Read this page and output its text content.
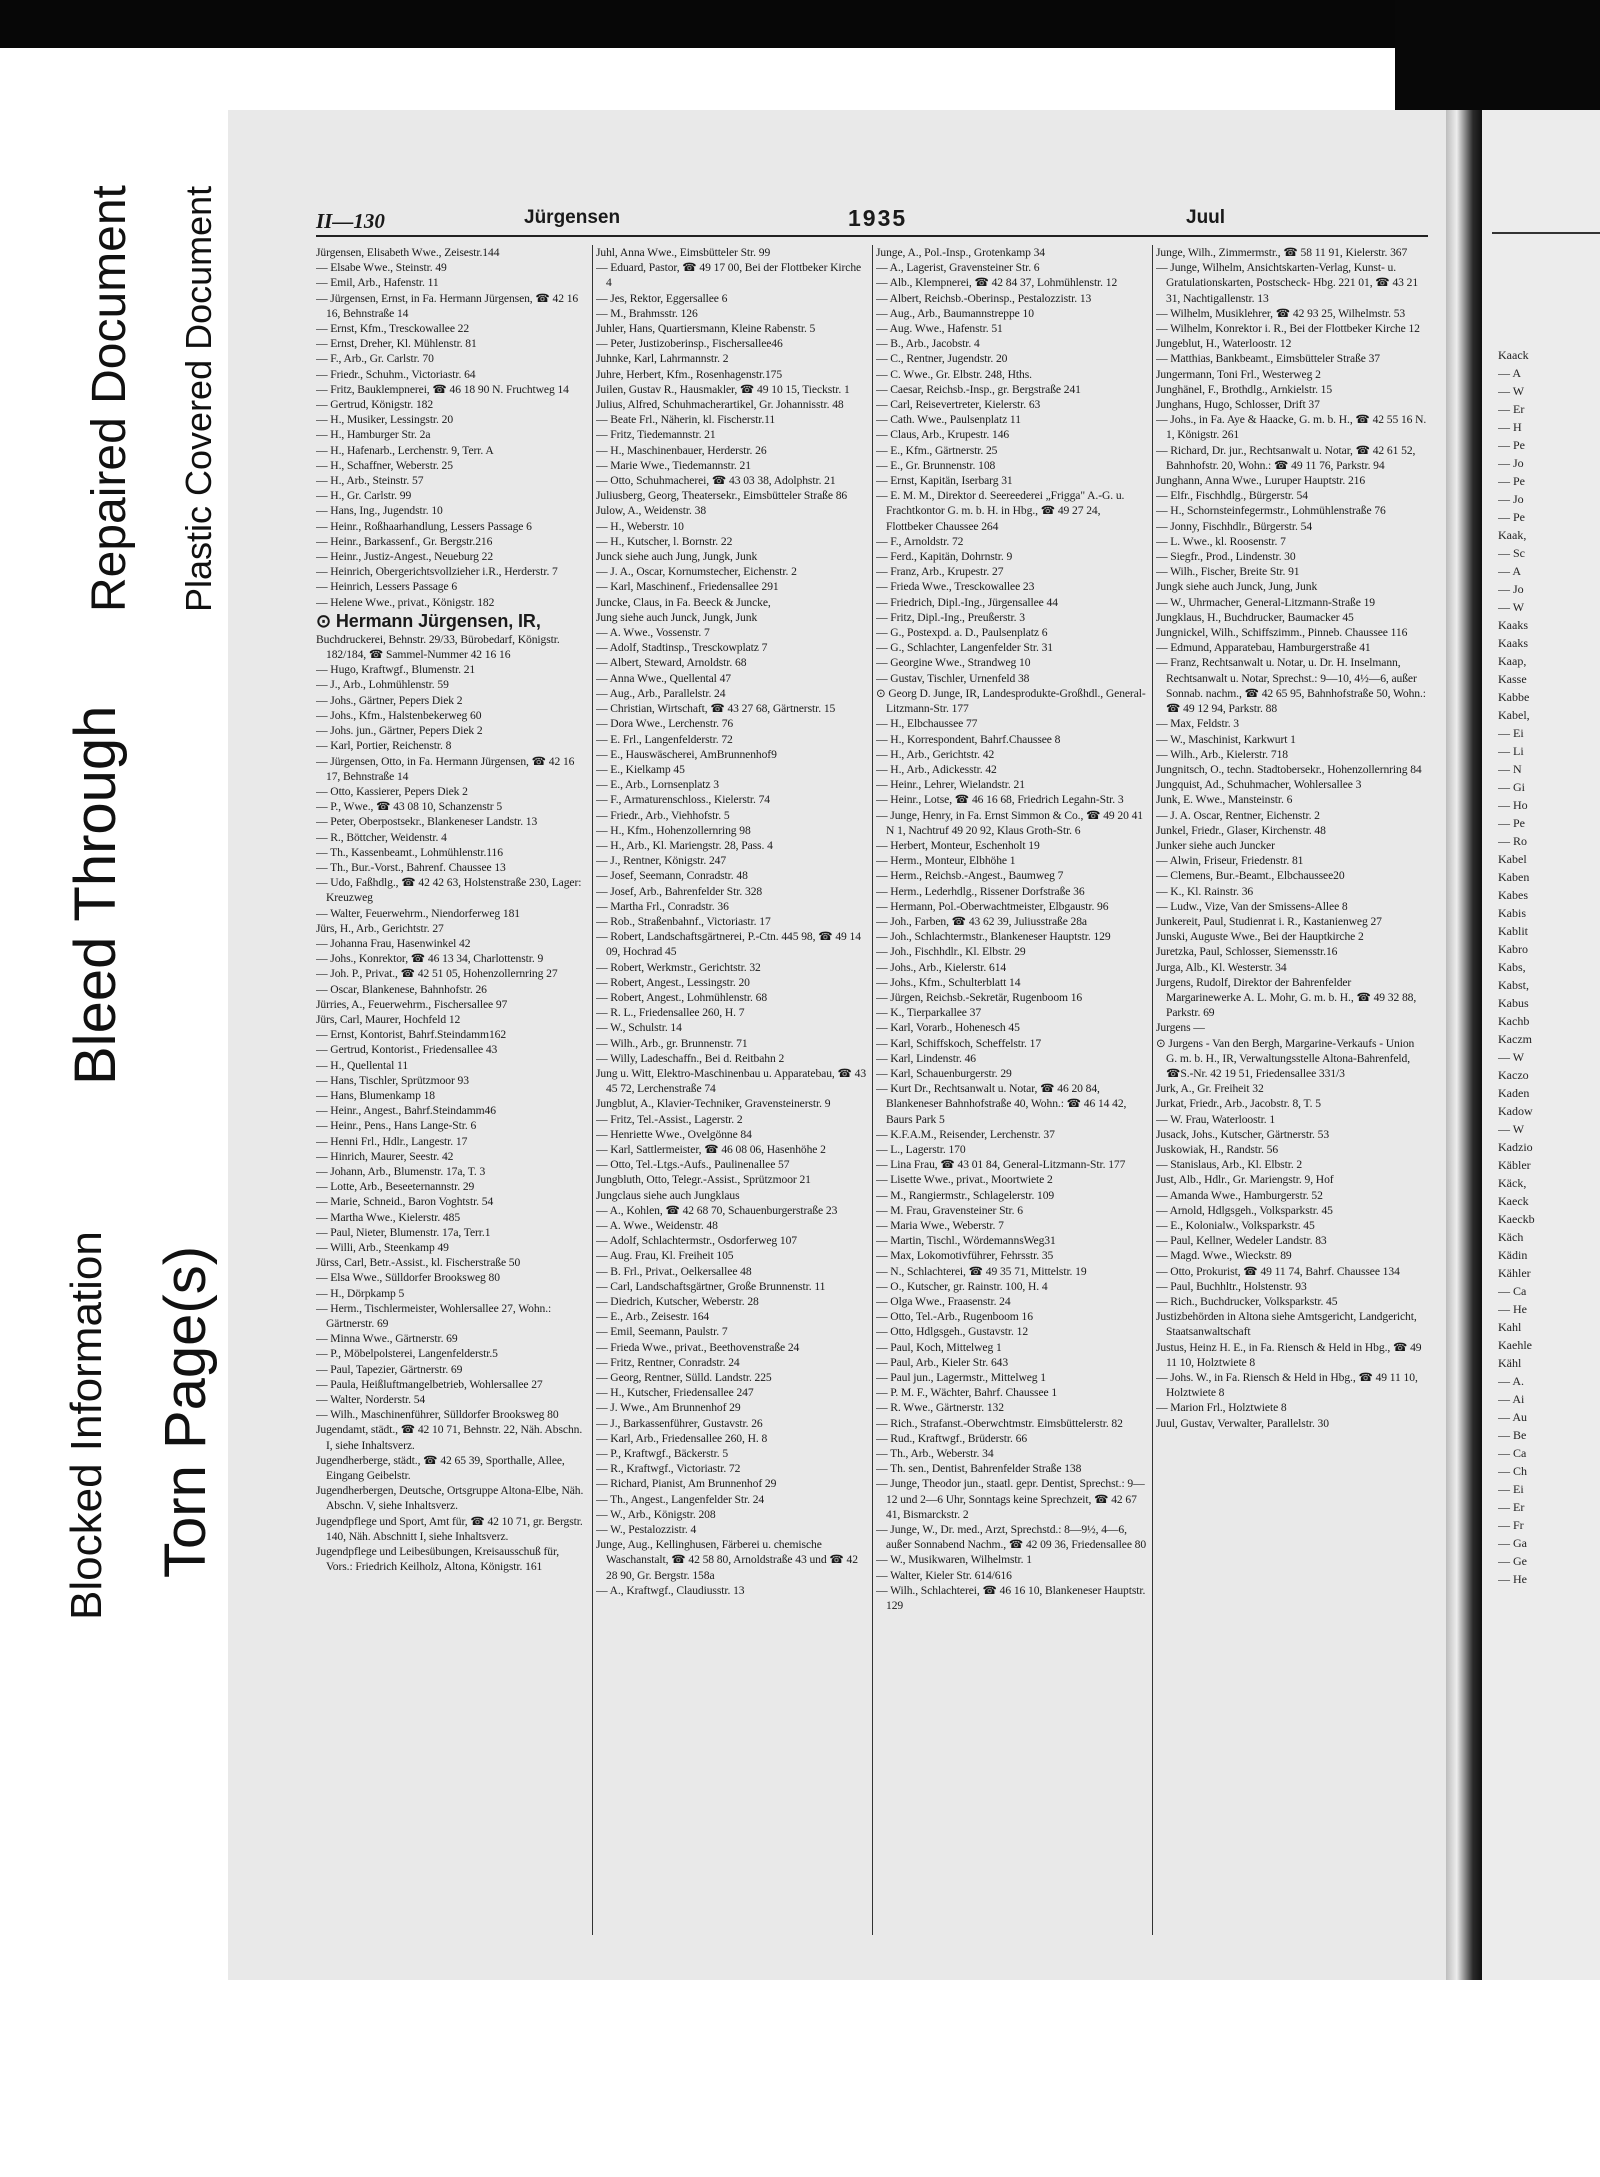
Blocked Information Torn Page(s)
Bleed Through
Repaired Document Plastic Covered Document	II—130	Jürgensen	1935	Juul
Jürgensen, Elisabeth Wwe., Zeisestr.144
— Elsabe Wwe., Steinstr. 49
— Emil, Arb., Hafenstr. 11
— Jürgensen, Ernst, in Fa. Hermann Jürgensen, ☎ 42 16 16, Behnstraße 14
— Ernst, Kfm., Tresckowallee 22
— Ernst, Dreher, Kl. Mühlenstr. 81
— F., Arb., Gr. Carlstr. 70
— Friedr., Schuhm., Victoriastr. 64
— Fritz, Bauklempnerei, ☎ 46 18 90 N. Fruchtweg 14
— Gertrud, Königstr. 182
— H., Musiker, Lessingstr. 20
— H., Hamburger Str. 2a
— H., Hafenarb., Lerchenstr. 9, Terr. A
— H., Schaffner, Weberstr. 25
— H., Arb., Steinstr. 57
— H., Gr. Carlstr. 99
— Hans, Ing., Jugendstr. 10
— Heinr., Roßhaarhandlung, Lessers Passage 6
— Heinr., Barkassenf., Gr. Bergstr.216
— Heinr., Justiz-Angest., Neueburg 22
— Heinrich, Obergerichtsvollzieher i.R., Herderstr. 7
— Heinrich, Lessers Passage 6
— Helene Wwe., privat., Königstr. 182
⊙ Hermann Jürgensen, IR,
Buchdruckerei, Behnstr. 29/33, Bürobedarf, Königstr. 182/184, ☎ Sammel-Nummer 42 16 16
— Hugo, Kraftwgf., Blumenstr. 21
— J., Arb., Lohmühlenstr. 59
— Johs., Gärtner, Pepers Diek 2
— Johs., Kfm., Halstenbekerweg 60
— Johs. jun., Gärtner, Pepers Diek 2
— Karl, Portier, Reichenstr. 8
— Jürgensen, Otto, in Fa. Hermann Jürgensen, ☎ 42 16 17, Behnstraße 14
— Otto, Kassierer, Pepers Diek 2
— P., Wwe., ☎ 43 08 10, Schanzenstr 5
— Peter, Oberpostsekr., Blankeneser Landstr. 13
— R., Böttcher, Weidenstr. 4
— Th., Kassenbeamt., Lohmühlenstr.116
— Th., Bur.-Vorst., Bahrenf. Chaussee 13
— Udo, Faßhdlg., ☎ 42 42 63, Holstenstraße 230, Lager: Kreuzweg
— Walter, Feuerwehrm., Niendorferweg 181
Jürs, H., Arb., Gerichtstr. 27
— Johanna Frau, Hasenwinkel 42
— Johs., Konrektor, ☎ 46 13 34, Charlottenstr. 9
— Joh. P., Privat., ☎ 42 51 05, Hohenzollernring 27
— Oscar, Blankenese, Bahnhofstr. 26
Jürries, A., Feuerwehrm., Fischersallee 97
Jürs, Carl, Maurer, Hochfeld 12
— Ernst, Kontorist, Bahrf.Steindamm162
— Gertrud, Kontorist., Friedensallee 43
— H., Quellental 11
— Hans, Tischler, Sprützmoor 93
— Hans, Blumenkamp 18
— Heinr., Angest., Bahrf.Steindamm46
— Heinr., Pens., Hans Lange-Str. 6
— Henni Frl., Hdlr., Langestr. 17
— Hinrich, Maurer, Seestr. 42
— Johann, Arb., Blumenstr. 17a, T. 3
— Lotte, Arb., Beseeternannstr. 29
— Marie, Schneid., Baron Voghtstr. 54
— Martha Wwe., Kielerstr. 485
— Paul, Nieter, Blumenstr. 17a, Terr.1
— Willi, Arb., Steenkamp 49
Jürss, Carl, Betr.-Assist., kl. Fischerstraße 50
— Elsa Wwe., Sülldorfer Brooksweg 80
— H., Dörpkamp 5
— Herm., Tischlermeister, Wohlersallee 27, Wohn.: Gärtnerstr. 69
— Minna Wwe., Gärtnerstr. 69
— P., Möbelpolsterei, Langenfelderstr.5
— Paul, Tapezier, Gärtnerstr. 69
— Paula, Heißluftmangelbetrieb, Wohlersallee 27
— Walter, Norderstr. 54
— Wilh., Maschinenführer, Sülldorfer Brooksweg 80
Jugendamt, städt., ☎ 42 10 71, Behnstr. 22, Näh. Abschn. I, siehe Inhaltsverz.
Jugendherberge, städt., ☎ 42 65 39, Sporthalle, Allee, Eingang Geibelstr.
Jugendherbergen, Deutsche, Ortsgruppe Altona-Elbe, Näh. Abschn. V, siehe Inhaltsverz.
Jugendpflege und Sport, Amt für, ☎ 42 10 71, gr. Bergstr. 140, Näh. Abschnitt I, siehe Inhaltsverz.
Jugendpflege und Leibesübungen, Kreisausschuß für, Vors.: Friedrich Keilholz, Altona, Königstr. 161
Juhl, Anna Wwe., Eimsbütteler Str. 99
— Eduard, Pastor, ☎ 49 17 00, Bei der Flottbeker Kirche 4
— Jes, Rektor, Eggersallee 6
— M., Brahmsstr. 126
Juhler, Hans, Quartiersmann, Kleine Rabenstr. 5
— Peter, Justizoberinsp., Fischersallee46
Juhnke, Karl, Lahrmannstr. 2
Juhre, Herbert, Kfm., Rosenhagenstr.175
Juilen, Gustav R., Hausmakler, ☎ 49 10 15, Tieckstr. 1
Julius, Alfred, Schuhmacherartikel, Gr. Johannisstr. 48
— Beate Frl., Näherin, kl. Fischerstr.11
— Fritz, Tiedemannstr. 21
— H., Maschinenbauer, Herderstr. 26
— Marie Wwe., Tiedemannstr. 21
— Otto, Schuhmacherei, ☎ 43 03 38, Adolphstr. 21
Juliusberg, Georg, Theatersekr., Eimsbütteler Straße 86
Julow, A., Weidenstr. 38
— H., Weberstr. 10
— H., Kutscher, l. Bornstr. 22
Junck siehe auch Jung, Jungk, Junk
— J. A., Oscar, Kornumstecher, Eichenstr. 2
— Karl, Maschinenf., Friedensallee 291
Juncke, Claus, in Fa. Beeck & Juncke,
Jung siehe auch Junck, Jungk, Junk
— A. Wwe., Vossenstr. 7
— Adolf, Stadtinsp., Tresckowplatz 7
— Albert, Steward, Arnoldstr. 68
— Anna Wwe., Quellental 47
— Aug., Arb., Parallelstr. 24
— Christian, Wirtschaft, ☎ 43 27 68, Gärtnerstr. 15
— Dora Wwe., Lerchenstr. 76
— E. Frl., Langenfelderstr. 72
— E., Hauswäscherei, AmBrunnenhof9
— E., Kielkamp 45
— E., Arb., Lornsenplatz 3
— F., Armaturenschloss., Kielerstr. 74
— Friedr., Arb., Viehhofstr. 5
— H., Kfm., Hohenzollernring 98
— H., Arb., Kl. Mariengstr. 28, Pass. 4
— J., Rentner, Königstr. 247
— Josef, Seemann, Conradstr. 48
— Josef, Arb., Bahrenfelder Str. 328
— Martha Frl., Conradstr. 36
— Rob., Straßenbahnf., Victoriastr. 17
— Robert, Landschaftsgärtnerei, P.-Ctn. 445 98, ☎ 49 14 09, Hochrad 45
— Robert, Werkmstr., Gerichtstr. 32
— Robert, Angest., Lessingstr. 20
— Robert, Angest., Lohmühlenstr. 68
— R. L., Friedensallee 260, H. 7
— W., Schulstr. 14
— Wilh., Arb., gr. Brunnenstr. 71
— Willy, Ladeschaffn., Bei d. Reitbahn 2
Jung u. Witt, Elektro-Maschinenbau u. Apparatebau, ☎ 43 45 72, Lerchenstraße 74
Jungblut, A., Klavier-Techniker, Gravensteinerstr. 9
— Fritz, Tel.-Assist., Lagerstr. 2
— Henriette Wwe., Ovelgönne 84
— Karl, Sattlermeister, ☎ 46 08 06, Hasenhöhe 2
— Otto, Tel.-Ltgs.-Aufs., Paulinenallee 57
Jungbluth, Otto, Telegr.-Assist., Sprützmoor 21
Jungclaus siehe auch Jungklaus
— A., Kohlen, ☎ 42 68 70, Schauenburgerstraße 23
— A. Wwe., Weidenstr. 48
— Adolf, Schlachtermstr., Osdorferweg 107
— Aug. Frau, Kl. Freiheit 105
— B. Frl., Privat., Oelkersallee 48
— Carl, Landschaftsgärtner, Große Brunnenstr. 11
— Diedrich, Kutscher, Weberstr. 28
— E., Arb., Zeisestr. 164
— Emil, Seemann, Paulstr. 7
— Frieda Wwe., privat., Beethovenstraße 24
— Fritz, Rentner, Conradstr. 24
— Georg, Rentner, Sülld. Landstr. 225
— H., Kutscher, Friedensallee 247
— J. Wwe., Am Brunnenhof 29
— J., Barkassenführer, Gustavstr. 26
— Karl, Arb., Friedensallee 260, H. 8
— P., Kraftwgf., Bäckerstr. 5
— R., Kraftwgf., Victoriastr. 72
— Richard, Pianist, Am Brunnenhof 29
— Th., Angest., Langenfelder Str. 24
— W., Arb., Königstr. 208
— W., Pestalozzistr. 4
Junge, Aug., Kellinghusen, Färberei u. chemische Waschanstalt, ☎ 42 58 80, Arnoldstraße 43 und ☎ 42 28 90, Gr. Bergstr. 158a
— A., Kraftwgf., Claudiusstr. 13
Junge, A., Pol.-Insp., Grotenkamp 34
— A., Lagerist, Gravensteiner Str. 6
— Alb., Klempnerei, ☎ 42 84 37, Lohmühlenstr. 12
— Albert, Reichsb.-Oberinsp., Pestalozzistr. 13
— Aug., Arb., Baumannstreppe 10
— Aug. Wwe., Hafenstr. 51
— B., Arb., Jacobstr. 4
— C., Rentner, Jugendstr. 20
— C. Wwe., Gr. Elbstr. 248, Hths.
— Caesar, Reichsb.-Insp., gr. Bergstraße 241
— Carl, Reisevertreter, Kielerstr. 63
— Cath. Wwe., Paulsenplatz 11
— Claus, Arb., Krupestr. 146
— E., Kfm., Gärtnerstr. 25
— E., Gr. Brunnenstr. 108
— Ernst, Kapitän, Iserbarg 31
— E. M. M., Direktor d. Seereederei „Frigga" A.-G. u. Frachtkontor G. m. b. H. in Hbg., ☎ 49 27 24, Flottbeker Chaussee 264
— F., Arnoldstr. 72
— Ferd., Kapitän, Dohrnstr. 9
— Franz, Arb., Krupestr. 27
— Frieda Wwe., Tresckowallee 23
— Friedrich, Dipl.-Ing., Jürgensallee 44
— Fritz, Dipl.-Ing., Preußerstr. 3
— G., Postexpd. a. D., Paulsenplatz 6
— G., Schlachter, Langenfelder Str. 31
— Georgine Wwe., Strandweg 10
— Gustav, Tischler, Urnenfeld 38
⊙ Georg D. Junge, IR, Landesprodukte-Großhdl., General-Litzmann-Str. 177
— H., Elbchaussee 77
— H., Korrespondent, Bahrf.Chaussee 8
— H., Arb., Gerichtstr. 42
— H., Arb., Adickesstr. 42
— Heinr., Lehrer, Wielandstr. 21
— Heinr., Lotse, ☎ 46 16 68, Friedrich Legahn-Str. 3
— Junge, Henry, in Fa. Ernst Simmon & Co., ☎ 49 20 41 N 1, Nachtruf 49 20 92, Klaus Groth-Str. 6
— Herbert, Monteur, Eschenholt 19
— Herm., Monteur, Elbhöhe 1
— Herm., Reichsb.-Angest., Baumweg 7
— Herm., Lederhdlg., Rissener Dorfstraße 36
— Hermann, Pol.-Oberwachtmeister, Elbgaustr. 96
— Joh., Farben, ☎ 43 62 39, Juliusstraße 28a
— Joh., Schlachtermstr., Blankeneser Hauptstr. 129
— Joh., Fischhdlr., Kl. Elbstr. 29
— Johs., Arb., Kielerstr. 614
— Johs., Kfm., Schulterblatt 14
— Jürgen, Reichsb.-Sekretär, Rugenboom 16
— K., Tierparkallee 37
— Karl, Vorarb., Hohenesch 45
— Karl, Schiffskoch, Scheffelstr. 17
— Karl, Lindenstr. 46
— Karl, Schauenburgerstr. 29
— Kurt Dr., Rechtsanwalt u. Notar, ☎ 46 20 84, Blankeneser Bahnhofstraße 40, Wohn.: ☎ 46 14 42, Baurs Park 5
— K.F.A.M., Reisender, Lerchenstr. 37
— L., Lagerstr. 170
— Lina Frau, ☎ 43 01 84, General-Litzmann-Str. 177
— Lisette Wwe., privat., Moortwiete 2
— M., Rangiermstr., Schlagelerstr. 109
— M. Frau, Gravensteiner Str. 6
— Maria Wwe., Weberstr. 7
— Martin, Tischl., WördemannsWeg31
— Max, Lokomotivführer, Fehrsstr. 35
— N., Schlachterei, ☎ 49 35 71, Mittelstr. 19
— O., Kutscher, gr. Rainstr. 100, H. 4
— Olga Wwe., Fraasenstr. 24
— Otto, Tel.-Arb., Rugenboom 16
— Otto, Hdlgsgeh., Gustavstr. 12
— Paul, Koch, Mittelweg 1
— Paul, Arb., Kieler Str. 643
— Paul jun., Lagermstr., Mittelweg 1
— P. M. F., Wächter, Bahrf. Chaussee 1
— R. Wwe., Gärtnerstr. 132
— Rich., Strafanst.-Oberwchtmstr. Eimsbüttelerstr. 82
— Rud., Kraftwgf., Brüderstr. 66
— Th., Arb., Weberstr. 34
— Th. sen., Dentist, Bahrenfelder Straße 138
— Junge, Theodor jun., staatl. gepr. Dentist, Sprechst.: 9—12 und 2—6 Uhr, Sonntags keine Sprechzeit, ☎ 42 67 41, Bismarckstr. 2
— Junge, W., Dr. med., Arzt, Sprechstd.: 8—9½, 4—6, außer Sonnabend Nachm., ☎ 42 09 36, Friedensallee 80
— W., Musikwaren, Wilhelmstr. 1
— Walter, Kieler Str. 614/616
— Wilh., Schlachterei, ☎ 46 16 10, Blankeneser Hauptstr. 129
Junge, Wilh., Zimmermstr., ☎ 58 11 91, Kielerstr. 367
— Junge, Wilhelm, Ansichtskarten-Verlag, Kunst- u. Gratulationskarten, Postscheck- Hbg. 221 01, ☎ 43 21 31, Nachtigallenstr. 13
— Wilhelm, Musiklehrer, ☎ 42 93 25, Wilhelmstr. 53
— Wilhelm, Konrektor i. R., Bei der Flottbeker Kirche 12
Jungeblut, H., Waterloostr. 12
— Matthias, Bankbeamt., Eimsbütteler Straße 37
Jungermann, Toni Frl., Westerweg 2
Junghänel, F., Brothdlg., Arnkielstr. 15
Junghans, Hugo, Schlosser, Drift 37
— Johs., in Fa. Aye & Haacke, G. m. b. H., ☎ 42 55 16 N. 1, Königstr. 261
— Richard, Dr. jur., Rechtsanwalt u. Notar, ☎ 42 61 52, Bahnhofstr. 20, Wohn.: ☎ 49 11 76, Parkstr. 94
Junghann, Anna Wwe., Luruper Hauptstr. 216
— Elfr., Fischhdlg., Bürgerstr. 54
— H., Schornsteinfegermstr., Lohmühlenstraße 76
— Jonny, Fischhdlr., Bürgerstr. 54
— L. Wwe., kl. Roosenstr. 7
— Siegfr., Prod., Lindenstr. 30
— Wilh., Fischer, Breite Str. 91
Jungk siehe auch Junck, Jung, Junk
— W., Uhrmacher, General-Litzmann-Straße 19
Jungklaus, H., Buchdrucker, Baumacker 45
Jungnickel, Wilh., Schiffszimm., Pinneb. Chaussee 116
— Edmund, Apparatebau, Hamburgerstraße 41
— Franz, Rechtsanwalt u. Notar, u. Dr. H. Inselmann, Rechtsanwalt u. Notar, Sprechst.: 9—10, 4½—6, außer Sonnab. nachm., ☎ 42 65 95, Bahnhofstraße 50, Wohn.: ☎ 49 12 94, Parkstr. 88
— Max, Feldstr. 3
— W., Maschinist, Karkwurt 1
— Wilh., Arb., Kielerstr. 718
Jungnitsch, O., techn. Stadtobersekr., Hohenzollernring 84
Jungquist, Ad., Schuhmacher, Wohlersallee 3
Junk, E. Wwe., Mansteinstr. 6
— J. A. Oscar, Rentner, Eichenstr. 2
Junkel, Friedr., Glaser, Kirchenstr. 48
Junker siehe auch Juncker
— Alwin, Friseur, Friedenstr. 81
— Clemens, Bur.-Beamt., Elbchaussee20
— K., Kl. Rainstr. 36
— Ludw., Vize, Van der Smissens-Allee 8
Junkereit, Paul, Studienrat i. R., Kastanienweg 27
Junski, Auguste Wwe., Bei der Hauptkirche 2
Juretzka, Paul, Schlosser, Siemensstr.16
Jurga, Alb., Kl. Westerstr. 34
Jurgens, Rudolf, Direktor der Bahrenfelder Margarinewerke A. L. Mohr, G. m. b. H., ☎ 49 32 88, Parkstr. 69
Jurgens —
⊙ Jurgens - Van den Bergh, Margarine-Verkaufs - Union G. m. b. H., IR, Verwaltungsstelle Altona-Bahrenfeld, ☎S.-Nr. 42 19 51, Friedensallee 331/3
Jurk, A., Gr. Freiheit 32
Jurkat, Friedr., Arb., Jacobstr. 8, T. 5
— W. Frau, Waterloostr. 1
Jusack, Johs., Kutscher, Gärtnerstr. 53
Juskowiak, H., Randstr. 56
— Stanislaus, Arb., Kl. Elbstr. 2
Just, Alb., Hdlr., Gr. Mariengstr. 9, Hof
— Amanda Wwe., Hamburgerstr. 52
— Arnold, Hdlgsgeh., Volksparkstr. 45
— E., Kolonialw., Volksparkstr. 45
— Paul, Kellner, Wedeler Landstr. 83
— Magd. Wwe., Wieckstr. 89
— Otto, Prokurist, ☎ 49 11 74, Bahrf. Chaussee 134
— Paul, Buchhltr., Holstenstr. 93
— Rich., Buchdrucker, Volksparkstr. 45
Justizbehörden in Altona siehe Amtsgericht, Landgericht, Staatsanwaltschaft
Justus, Heinz H. E., in Fa. Riensch & Held in Hbg., ☎ 49 11 10, Holztwiete 8
— Johs. W., in Fa. Riensch & Held in Hbg., ☎ 49 11 10, Holztwiete 8
— Marion Frl., Holztwiete 8
Juul, Gustav, Verwalter, Parallelstr. 30
Kaack
— A
— W
— Er
— H
— Pe
— Jo
— Pe
— Jo
— Pe
Kaak,
— Sc
— A
— Jo
— W
Kaaks
Kaaks
Kaap,
Kasse
Kabbe
Kabel,
— Ei
— Li
— N
— Gi
— Ho
— Pe
— Ro
Kabel
Kaben
Kabes
Kabis
Kablit
Kabro
Kabs,
Kabst,
Kabus
Kachb
Kaczm
— W
Kaczo
Kaden
Kadow
— W
Kadzio
Käbler
Käck,
Kaeck
Kaeckb
Käch
Kädin
Kähler
— Ca
— He
Kahl
Kaehle
Kähl
— A.
— Ai
— Au
— Be
— Ca
— Ch
— Ei
— Er
— Fr
— Ga
— Ge
— He
